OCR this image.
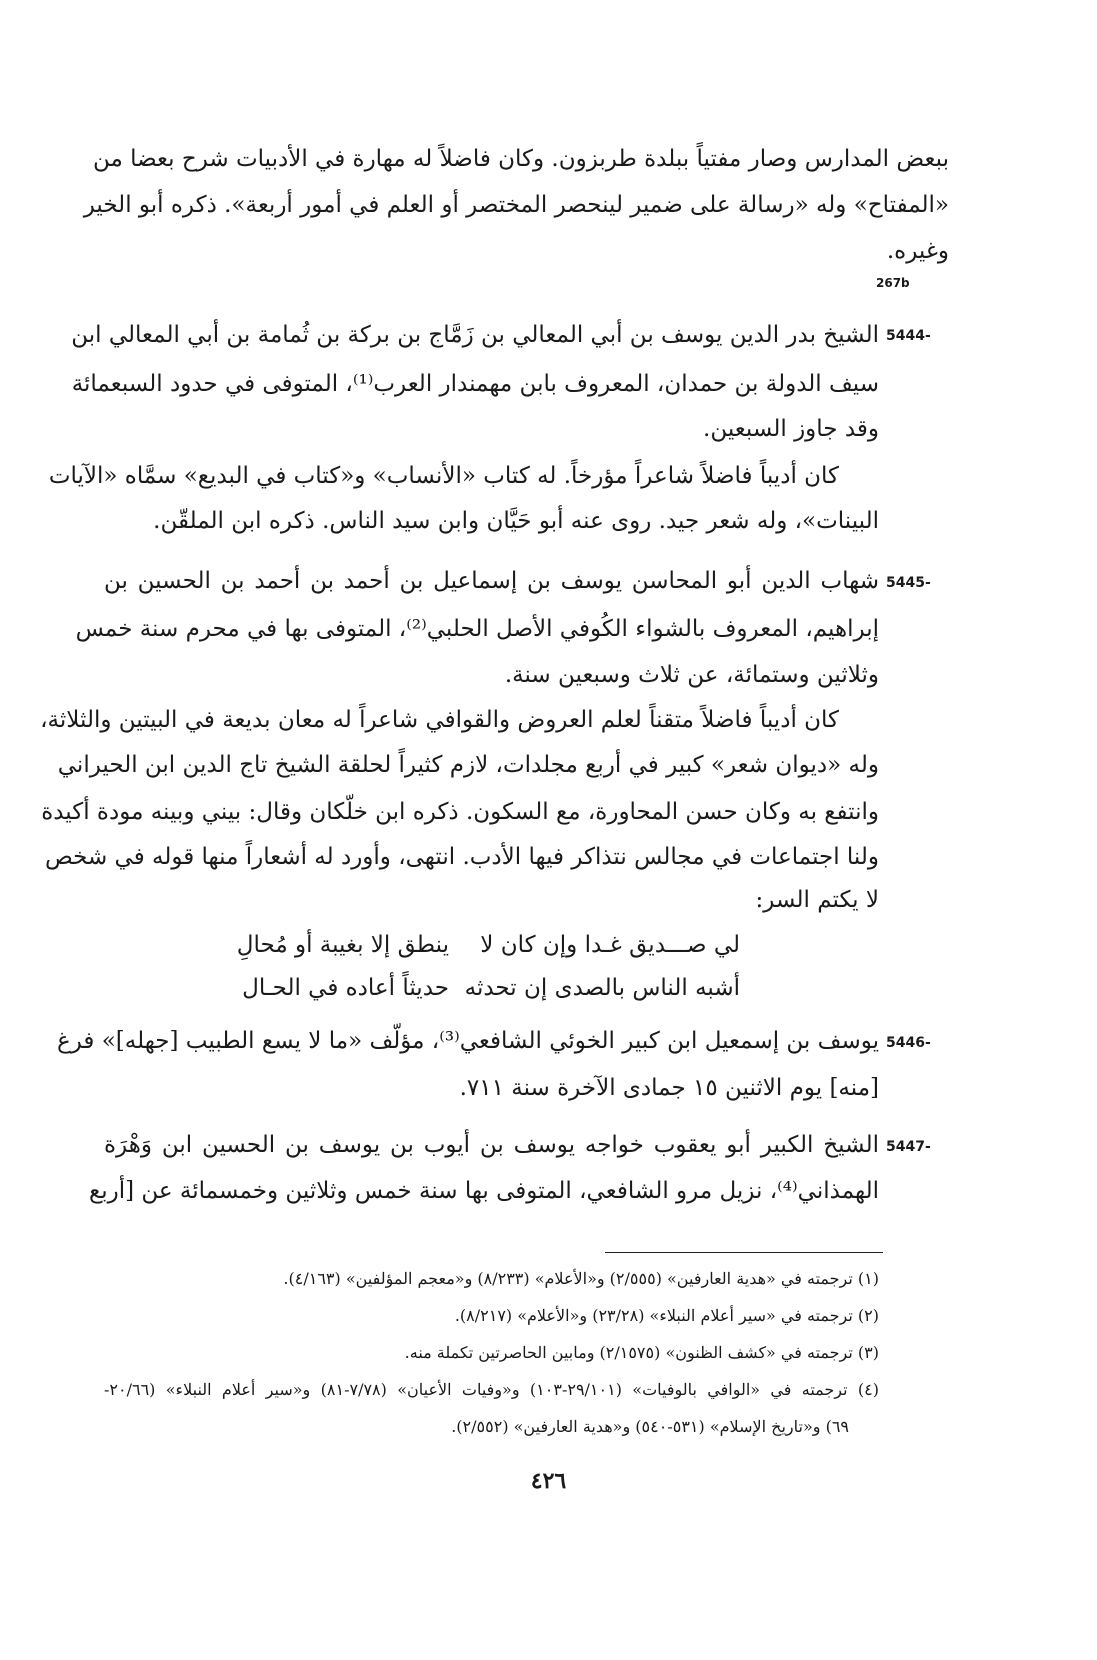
ببعض المدارس وصار مفتياً ببلدة طربزون. وكان فاضلاً له مهارة في الأدبيات شرح بعضا من
«المفتاح» وله «رسالة على ضمير لينحصر المختصر أو العلم في أمور أربعة». ذكره أبو الخير
وغيره.
267b
5444-
الشيخ بدر الدين يوسف بن أبي المعالي بن زَمَّاج بن بركة بن ثُمامة بن أبي المعالي ابن
سيف الدولة بن حمدان، المعروف بابن مهمندار العرب⁽¹⁾، المتوفى في حدود السبعمائة
وقد جاوز السبعين.
كان أديباً فاضلاً شاعراً مؤرخاً. له كتاب «الأنساب» و«كتاب في البديع» سمَّاه «الآيات
البينات»، وله شعر جيد. روى عنه أبو حَيَّان وابن سيد الناس. ذكره ابن الملقّن.
5445-
شهاب الدين أبو المحاسن يوسف بن إسماعيل بن أحمد بن أحمد بن الحسين بن
إبراهيم، المعروف بالشواء الكُوفي الأصل الحلبي⁽²⁾، المتوفى بها في محرم سنة خمس
وثلاثين وستمائة، عن ثلاث وسبعين سنة.
كان أديباً فاضلاً متقناً لعلم العروض والقوافي شاعراً له معان بديعة في البيتين والثلاثة،
وله «ديوان شعر» كبير في أربع مجلدات، لازم كثيراً لحلقة الشيخ تاج الدين ابن الحيراني
وانتفع به وكان حسن المحاورة، مع السكون. ذكره ابن خلّكان وقال: بيني وبينه مودة أكيدة
ولنا اجتماعات في مجالس نتذاكر فيها الأدب. انتهى، وأورد له أشعاراً منها قوله في شخص
لا يكتم السر:
لي صـــديق غـدا وإن كان لا
ينطق إلا بغيبة أو مُحالِ
أشبه الناس بالصدى إن تحدثه
حديثاً أعاده في الحـال
5446-
يوسف بن إسمعيل ابن كبير الخوئي الشافعي⁽³⁾، مؤلّف «ما لا يسع الطبيب [جهله]» فرغ
[منه] يوم الاثنين ١٥ جمادى الآخرة سنة ٧١١.
5447-
الشيخ الكبير أبو يعقوب خواجه يوسف بن أيوب بن يوسف بن الحسين ابن وَهْرَة
الهمذاني⁽⁴⁾، نزيل مرو الشافعي، المتوفى بها سنة خمس وثلاثين وخمسمائة عن [أربع
(١) ترجمته في «هدية العارفين» (٢/٥٥٥) و«الأعلام» (٨/٢٣٣) و«معجم المؤلفين» (٤/١٦٣).
(٢) ترجمته في «سير أعلام النبلاء» (٢٣/٢٨) و«الأعلام» (٨/٢١٧).
(٣) ترجمته في «كشف الظنون» (٢/١٥٧٥) ومابين الحاصرتين تكملة منه.
(٤) ترجمته في «الوافي بالوفيات» (٢٩/١٠١-١٠٣) و«وفيات الأعيان» (٧/٧٨-٨١) و«سير أعلام النبلاء» (٢٠/٦٦-
٦٩) و«تاريخ الإسلام» (٥٣١-٥٤٠) و«هدية العارفين» (٢/٥٥٢).
٤٢٦
